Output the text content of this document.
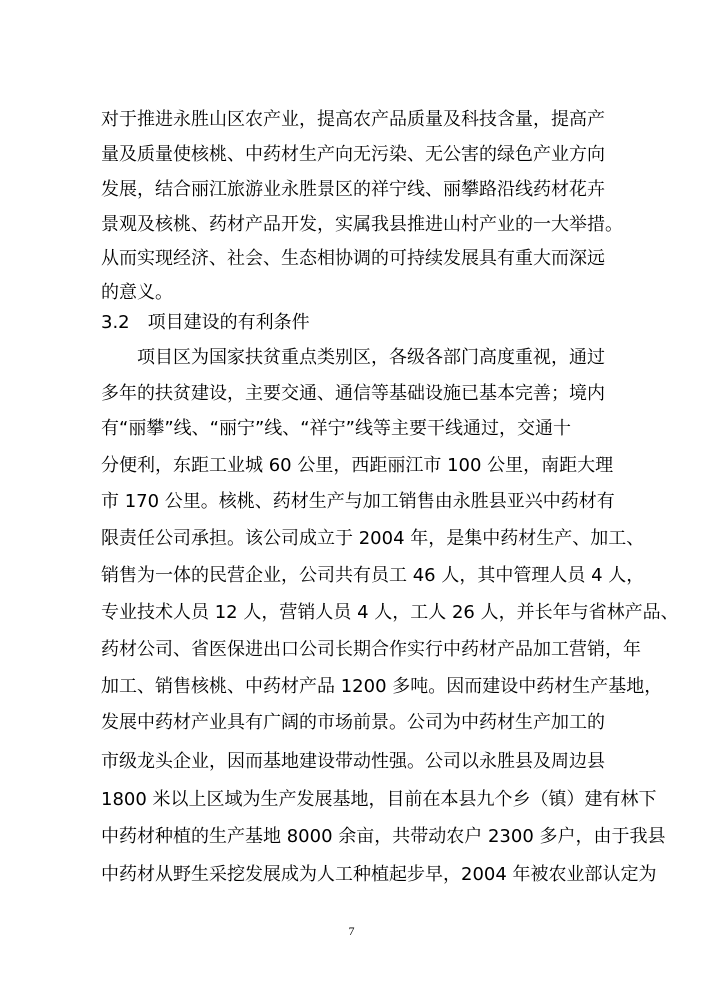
对于推进永胜山区农产业，提高农产品质量及科技含量，提高产
量及质量使核桃、中药材生产向无污染、无公害的绿色产业方向
发展，结合丽江旅游业永胜景区的祥宁线、丽攀路沿线药材花卉
景观及核桃、药材产品开发，实属我县推进山村产业的一大举措。
从而实现经济、社会、生态相协调的可持续发展具有重大而深远
的意义。
3.2　项目建设的有利条件
项目区为国家扶贫重点类别区，各级各部门高度重视，通过
多年的扶贫建设，主要交通、通信等基础设施已基本完善；境内
有“丽攀”线、“丽宁”线、“祥宁”线等主要干线通过，交通十
分便利，东距工业城 60 公里，西距丽江市 100 公里，南距大理
市 170 公里。核桃、药材生产与加工销售由永胜县亚兴中药材有
限责任公司承担。该公司成立于 2004 年，是集中药材生产、加工、
销售为一体的民营企业，公司共有员工 46 人，其中管理人员 4 人，
专业技术人员 12 人，营销人员 4 人，工人 26 人，并长年与省林产品、
药材公司、省医保进出口公司长期合作实行中药材产品加工营销，年
加工、销售核桃、中药材产品 1200 多吨。因而建设中药材生产基地，
发展中药材产业具有广阔的市场前景。公司为中药材生产加工的
市级龙头企业，因而基地建设带动性强。公司以永胜县及周边县
1800 米以上区域为生产发展基地，目前在本县九个乡（镇）建有林下
中药材种植的生产基地 8000 余亩，共带动农户 2300 多户，由于我县
中药材从野生采挖发展成为人工种植起步早，2004 年被农业部认定为
7
